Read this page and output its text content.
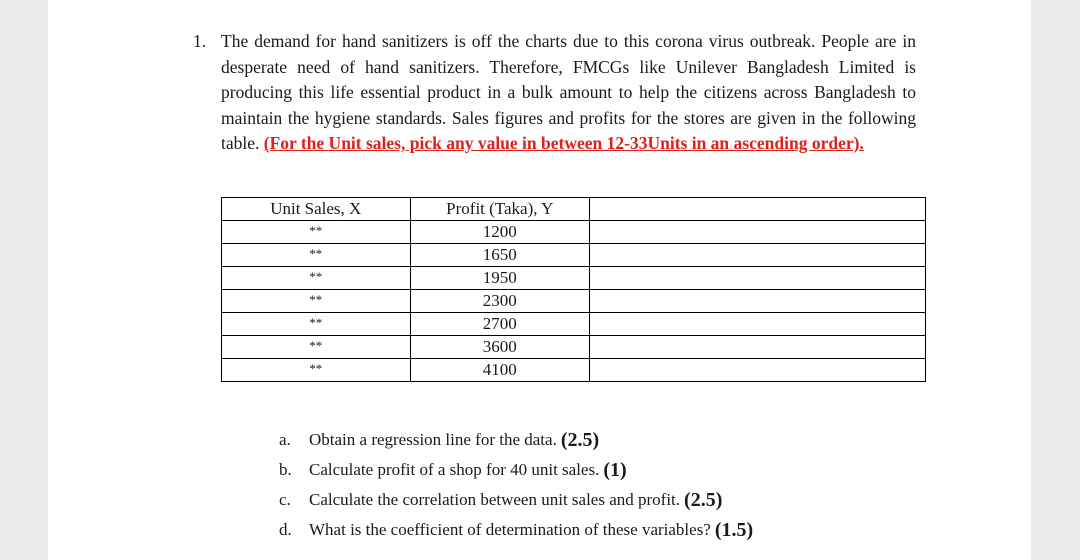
1. The demand for hand sanitizers is off the charts due to this corona virus outbreak. People are in desperate need of hand sanitizers. Therefore, FMCGs like Unilever Bangladesh Limited is producing this life essential product in a bulk amount to help the citizens across Bangladesh to maintain the hygiene standards. Sales figures and profits for the stores are given in the following table. (For the Unit sales, pick any value in between 12-33Units in an ascending order).
Unit Sales, X	Profit (Taka), Y	
**	1200	
**	1650	
**	1950	
**	2300	
**	2700	
**	3600	
**	4100	
a.	Obtain a regression line for the data. (2.5)
b.	Calculate profit of a shop for 40 unit sales. (1)
c.	Calculate the correlation between unit sales and profit. (2.5)
d.	What is the coefficient of determination of these variables? (1.5)
